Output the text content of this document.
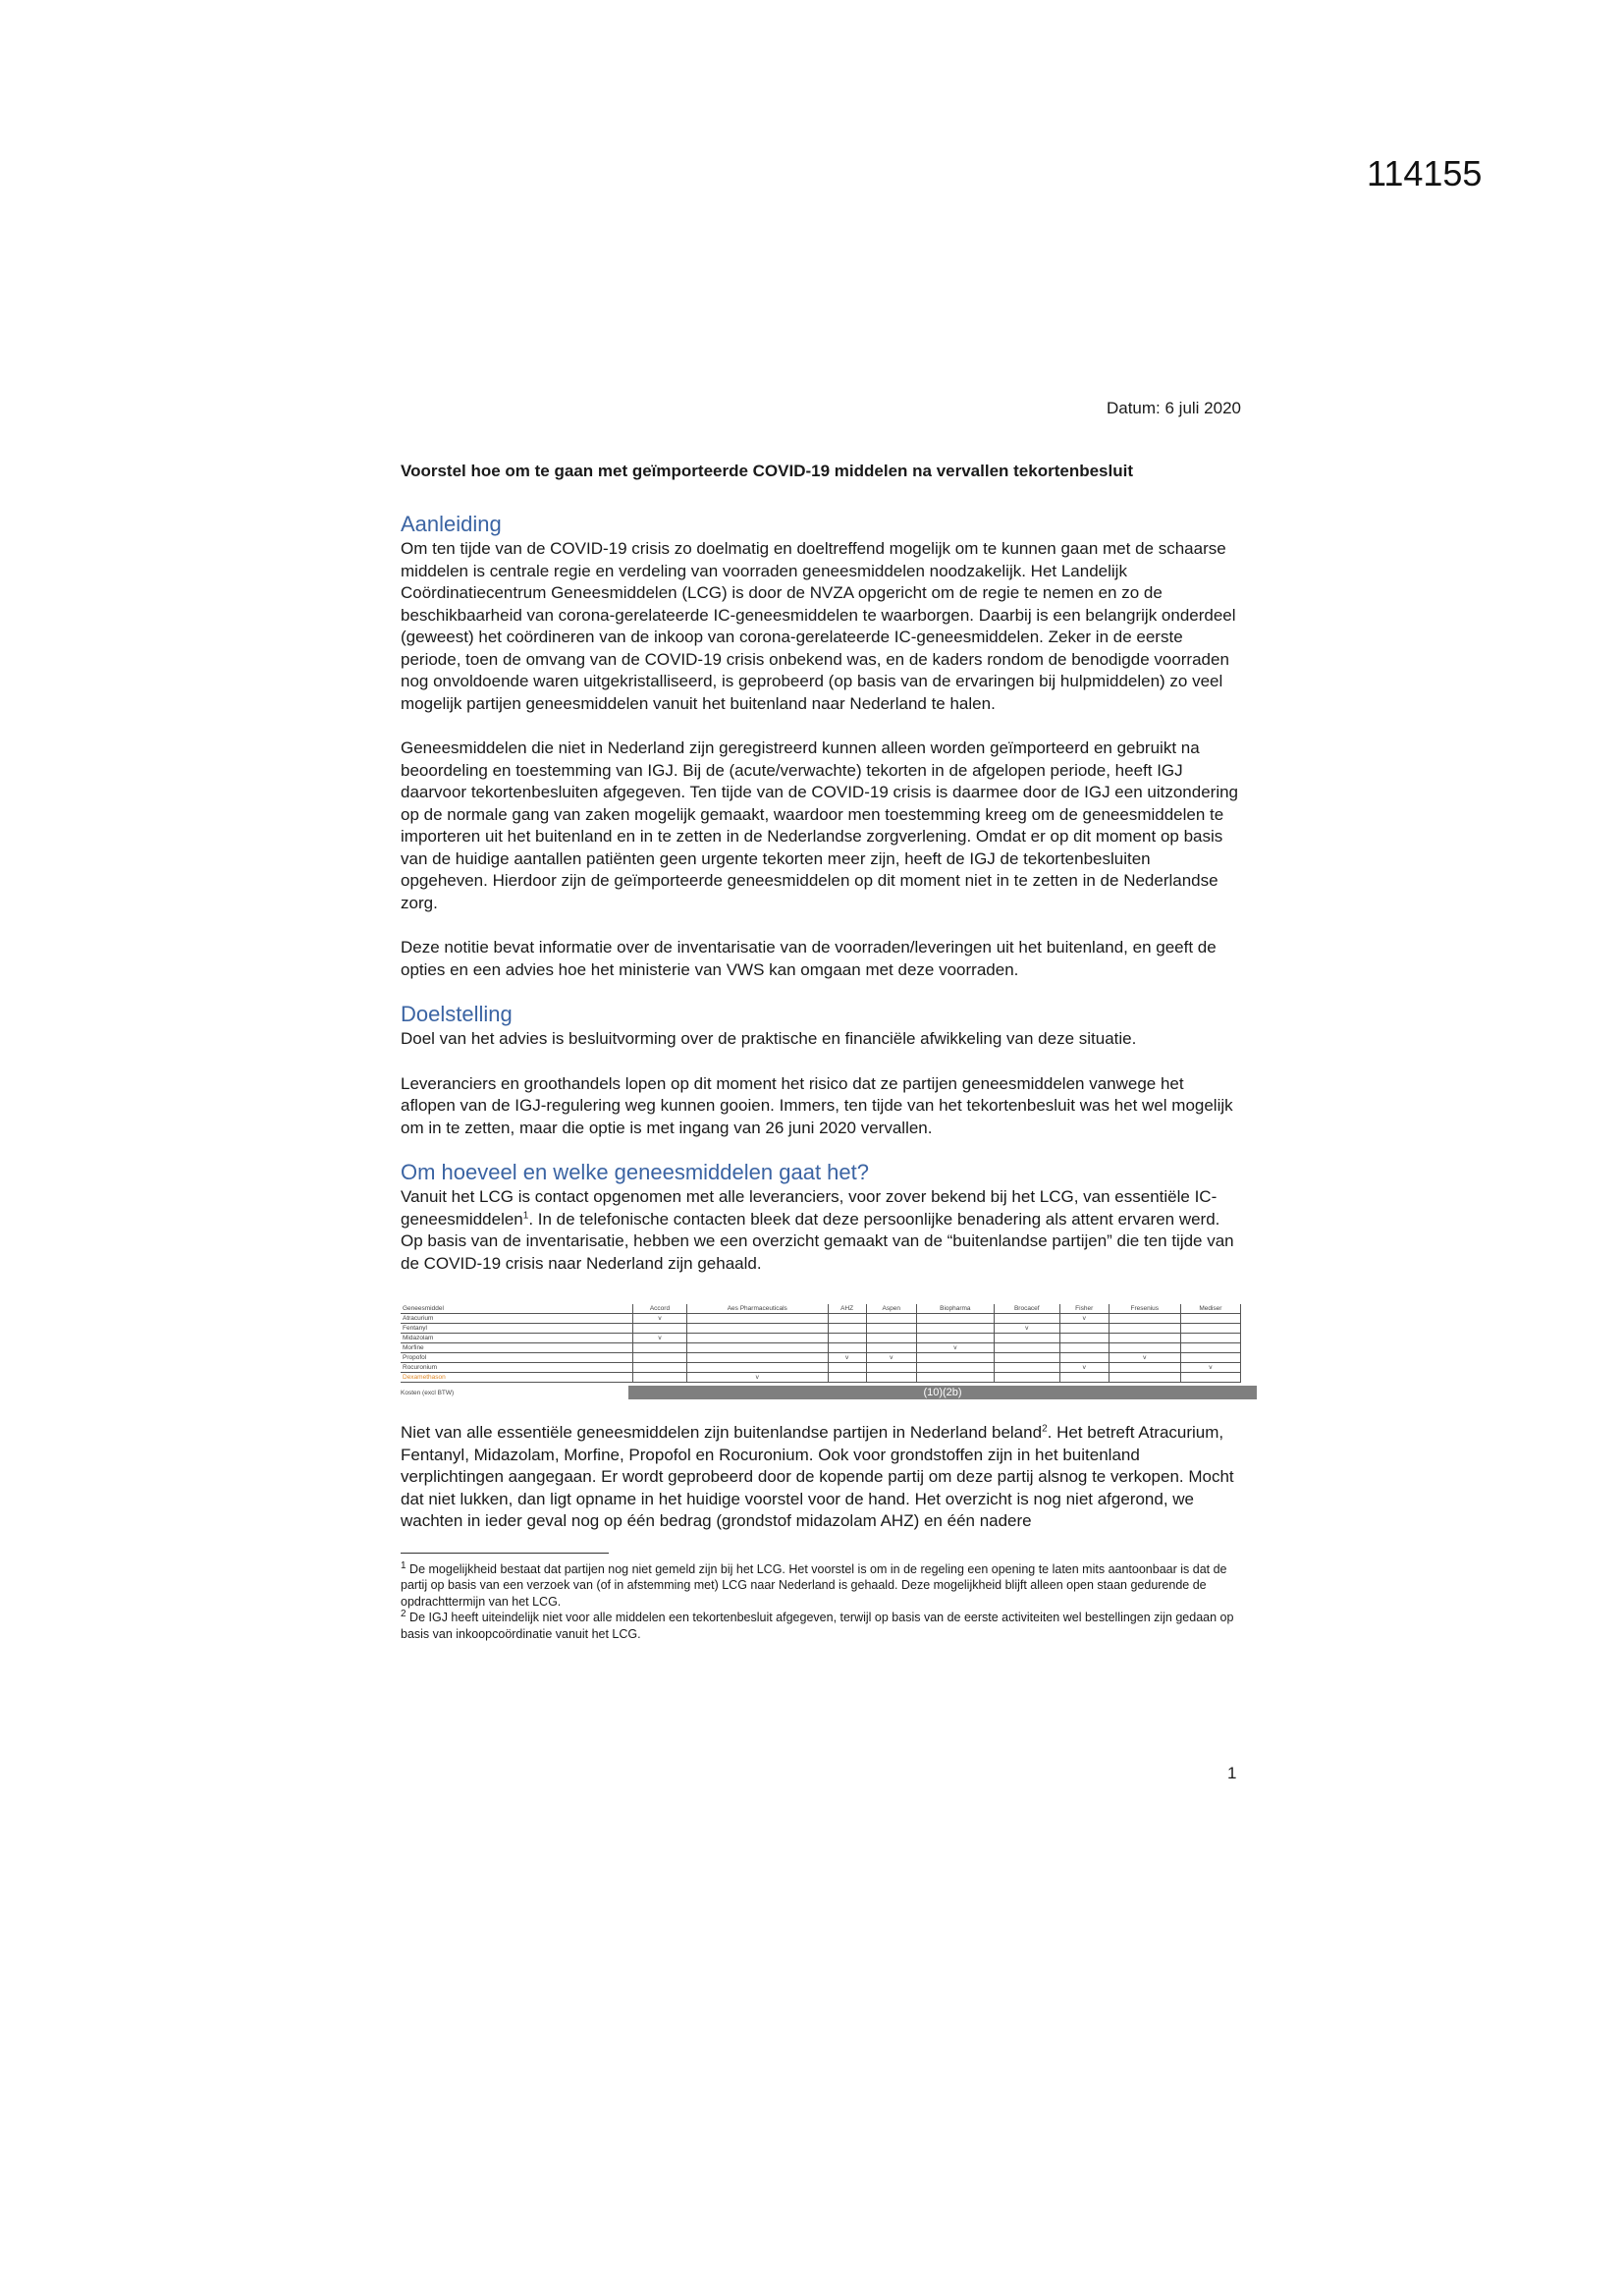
114155
Datum: 6 juli 2020
Voorstel hoe om te gaan met geïmporteerde COVID-19 middelen na vervallen tekortenbesluit
Aanleiding

Om ten tijde van de COVID-19 crisis zo doelmatig en doeltreffend mogelijk om te kunnen gaan met de schaarse middelen is centrale regie en verdeling van voorraden geneesmiddelen noodzakelijk. Het Landelijk Coördinatiecentrum Geneesmiddelen (LCG) is door de NVZA opgericht om de regie te nemen en zo de beschikbaarheid van corona-gerelateerde IC-geneesmiddelen te waarborgen. Daarbij is een belangrijk onderdeel (geweest) het coördineren van de inkoop van corona-gerelateerde IC-geneesmiddelen. Zeker in de eerste periode, toen de omvang van de COVID-19 crisis onbekend was, en de kaders rondom de benodigde voorraden nog onvoldoende waren uitgekristalliseerd, is geprobeerd (op basis van de ervaringen bij hulpmiddelen) zo veel mogelijk partijen geneesmiddelen vanuit het buitenland naar Nederland te halen.

Geneesmiddelen die niet in Nederland zijn geregistreerd kunnen alleen worden geïmporteerd en gebruikt na beoordeling en toestemming van IGJ. Bij de (acute/verwachte) tekorten in de afgelopen periode, heeft IGJ daarvoor tekortenbesluiten afgegeven. Ten tijde van de COVID-19 crisis is daarmee door de IGJ een uitzondering op de normale gang van zaken mogelijk gemaakt, waardoor men toestemming kreeg om de geneesmiddelen te importeren uit het buitenland en in te zetten in de Nederlandse zorgverlening. Omdat er op dit moment op basis van de huidige aantallen patiënten geen urgente tekorten meer zijn, heeft de IGJ de tekortenbesluiten opgeheven. Hierdoor zijn de geïmporteerde geneesmiddelen op dit moment niet in te zetten in de Nederlandse zorg.

Deze notitie bevat informatie over de inventarisatie van de voorraden/leveringen uit het buitenland, en geeft de opties en een advies hoe het ministerie van VWS kan omgaan met deze voorraden.

Doelstelling

Doel van het advies is besluitvorming over de praktische en financiële afwikkeling van deze situatie.

Leveranciers en groothandels lopen op dit moment het risico dat ze partijen geneesmiddelen vanwege het aflopen van de IGJ-regulering weg kunnen gooien. Immers, ten tijde van het tekortenbesluit was het wel mogelijk om in te zetten, maar die optie is met ingang van 26 juni 2020 vervallen.

Om hoeveel en welke geneesmiddelen gaat het?

Vanuit het LCG is contact opgenomen met alle leveranciers, voor zover bekend bij het LCG, van essentiële IC-geneesmiddelen$^1$. In de telefonische contacten bleek dat deze persoonlijke benadering als attent ervaren werd. Op basis van de inventarisatie, hebben we een overzicht gemaakt van de “buitenlandse partijen” die ten tijde van de COVID-19 crisis naar Nederland zijn gehaald.

Geneesmiddel	Accord	Aes Pharmaceuticals	AHZ	Aspen	Biopharma	Brocacef	Fisher	Fresenius	Mediser
Atracurium	v						v		
Fentanyl						v			
Midazolam	v								
Morfine					v				
Propofol			v	v				v	
Rocuronium							v		v
Dexamethason		v							
Kosten (excl BTW)	(10)(2b)

Niet van alle essentiële geneesmiddelen zijn buitenlandse partijen in Nederland beland$^2$. Het betreft Atracurium, Fentanyl, Midazolam, Morfine, Propofol en Rocuronium. Ook voor grondstoffen zijn in het buitenland verplichtingen aangegaan. Er wordt geprobeerd door de kopende partij om deze partij alsnog te verkopen. Mocht dat niet lukken, dan ligt opname in het huidige voorstel voor de hand. Het overzicht is nog niet afgerond, we wachten in ieder geval nog op één bedrag (grondstof midazolam AHZ) en één nadere

$^1$ De mogelijkheid bestaat dat partijen nog niet gemeld zijn bij het LCG. Het voorstel is om in de regeling een opening te laten mits aantoonbaar is dat de partij op basis van een verzoek van (of in afstemming met) LCG naar Nederland is gehaald. Deze mogelijkheid blijft alleen open staan gedurende de opdrachttermijn van het LCG.

$^2$ De IGJ heeft uiteindelijk niet voor alle middelen een tekortenbesluit afgegeven, terwijl op basis van de eerste activiteiten wel bestellingen zijn gedaan op basis van inkoopcoördinatie vanuit het LCG.

1
